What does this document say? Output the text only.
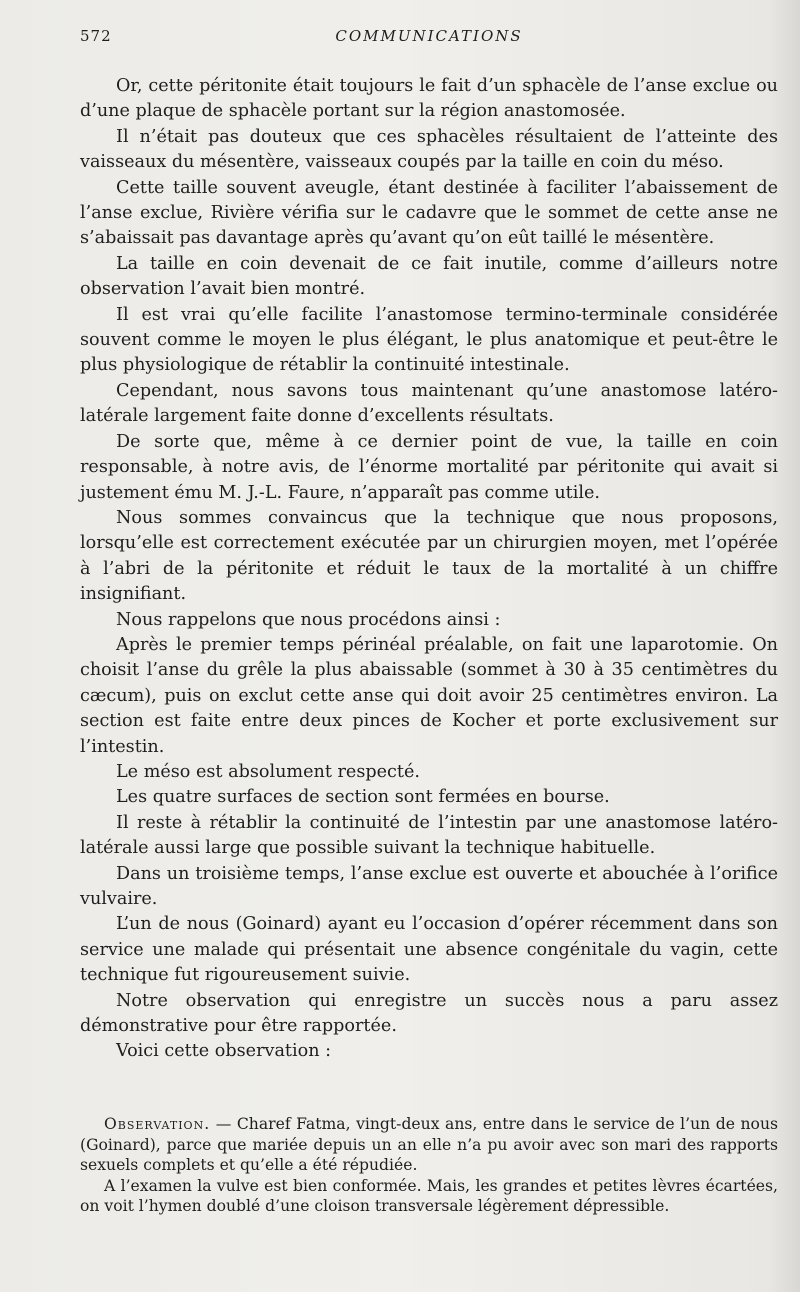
572	COMMUNICATIONS

Or, cette péritonite était toujours le fait d’un sphacèle de l’anse exclue ou d’une plaque de sphacèle portant sur la région anastomosée.

Il n’était pas douteux que ces sphacèles résultaient de l’atteinte des vaisseaux du mésentère, vaisseaux coupés par la taille en coin du méso.

Cette taille souvent aveugle, étant destinée à faciliter l’abaissement de l’anse exclue, Rivière vérifia sur le cadavre que le sommet de cette anse ne s’abaissait pas davantage après qu’avant qu’on eût taillé le mésentère.

La taille en coin devenait de ce fait inutile, comme d’ailleurs notre observation l’avait bien montré.

Il est vrai qu’elle facilite l’anastomose termino-terminale considérée souvent comme le moyen le plus élégant, le plus anatomique et peut-être le plus physiologique de rétablir la continuité intestinale.

Cependant, nous savons tous maintenant qu’une anastomose latéro-latérale largement faite donne d’excellents résultats.

De sorte que, même à ce dernier point de vue, la taille en coin responsable, à notre avis, de l’énorme mortalité par péritonite qui avait si justement ému M. J.-L. Faure, n’apparaît pas comme utile.

Nous sommes convaincus que la technique que nous proposons, lorsqu’elle est correctement exécutée par un chirurgien moyen, met l’opérée à l’abri de la péritonite et réduit le taux de la mortalité à un chiffre insignifiant.

Nous rappelons que nous procédons ainsi :

Après le premier temps périnéal préalable, on fait une laparotomie. On choisit l’anse du grêle la plus abaissable (sommet à 30 à 35 centimètres du cæcum), puis on exclut cette anse qui doit avoir 25 centimètres environ. La section est faite entre deux pinces de Kocher et porte exclusivement sur l’intestin.

Le méso est absolument respecté.

Les quatre surfaces de section sont fermées en bourse.

Il reste à rétablir la continuité de l’intestin par une anastomose latéro-latérale aussi large que possible suivant la technique habituelle.

Dans un troisième temps, l’anse exclue est ouverte et abouchée à l’orifice vulvaire.

L’un de nous (Goinard) ayant eu l’occasion d’opérer récemment dans son service une malade qui présentait une absence congénitale du vagin, cette technique fut rigoureusement suivie.

Notre observation qui enregistre un succès nous a paru assez démonstrative pour être rapportée.

Voici cette observation :

Observation. — Charef Fatma, vingt-deux ans, entre dans le service de l’un de nous (Goinard), parce que mariée depuis un an elle n’a pu avoir avec son mari des rapports sexuels complets et qu’elle a été répudiée.

A l’examen la vulve est bien conformée. Mais, les grandes et petites lèvres écartées, on voit l’hymen doublé d’une cloison transversale légèrement dépressible.
